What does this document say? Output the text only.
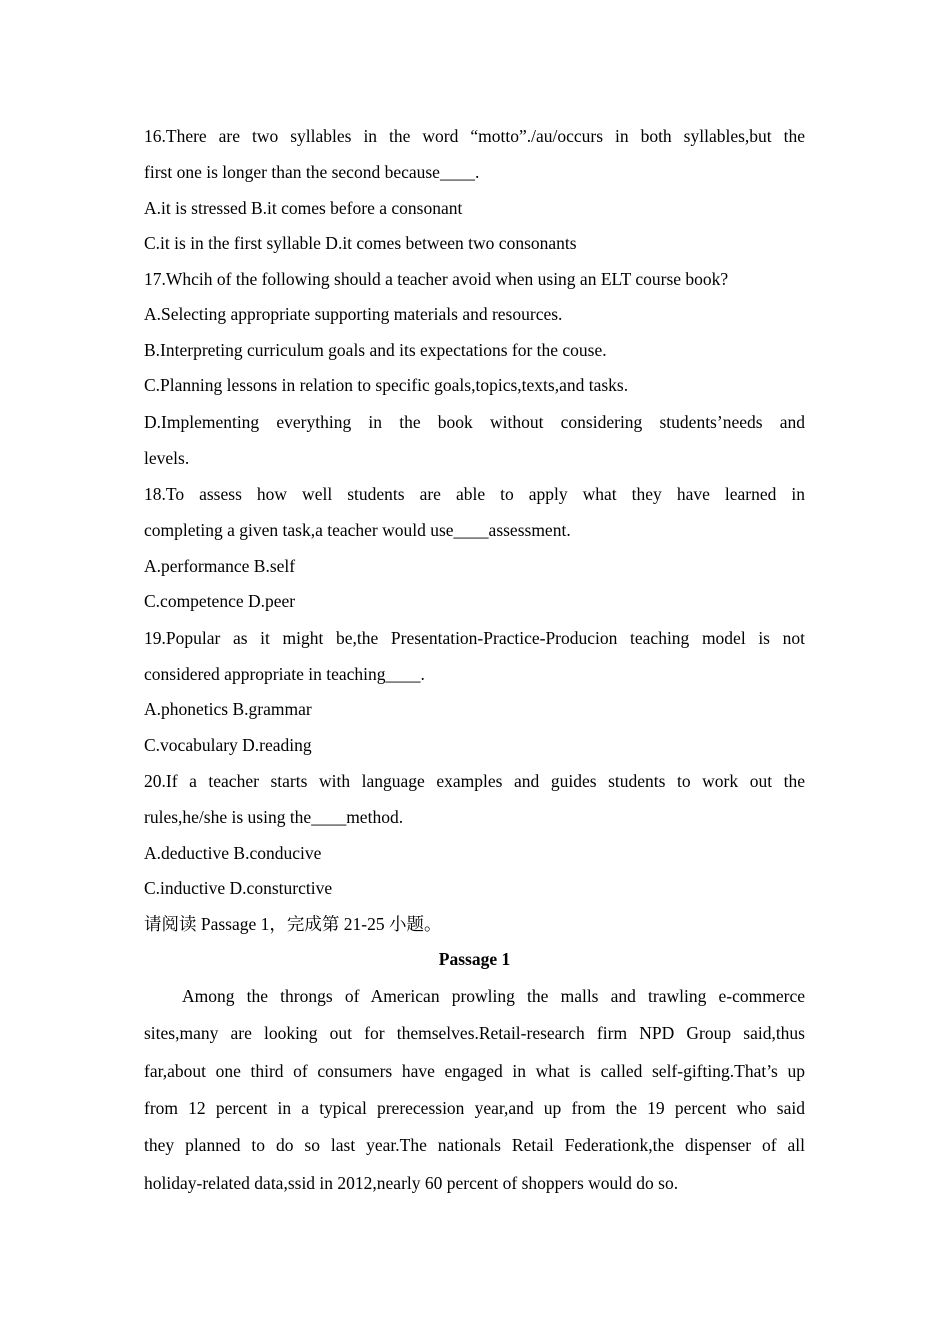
16.There are two syllables in the word “motto”./au/occurs in both syllables,but the
first one is longer than the second because____.
A.it is stressed B.it comes before a consonant
C.it is in the first syllable D.it comes between two consonants
17.Whcih of the following should a teacher avoid when using an ELT course book?
A.Selecting appropriate supporting materials and resources.
B.Interpreting curriculum goals and its expectations for the couse.
C.Planning lessons in relation to specific goals,topics,texts,and tasks.
D.Implementing everything in the book without considering students’needs and
levels.
18.To assess how well students are able to apply what they have learned in
completing a given task,a teacher would use____assessment.
A.performance B.self
C.competence D.peer
19.Popular as it might be,the Presentation-Practice-Producion teaching model is not
considered appropriate in teaching____.
A.phonetics B.grammar
C.vocabulary D.reading
20.If a teacher starts with language examples and guides students to work out the
rules,he/she is using the____method.
A.deductive B.conducive
C.inductive D.consturctive
请阅读 Passage 1，完成第 21-25 小题。
Passage 1
Among the throngs of American prowling the malls and trawling e-commerce
sites,many are looking out for themselves.Retail-research firm NPD Group said,thus
far,about one third of consumers have engaged in what is called self-gifting.That’s up
from 12 percent in a typical prerecession year,and up from the 19 percent who said
they planned to do so last year.The nationals Retail Federationk,the dispenser of all
holiday-related data,ssid in 2012,nearly 60 percent of shoppers would do so.
